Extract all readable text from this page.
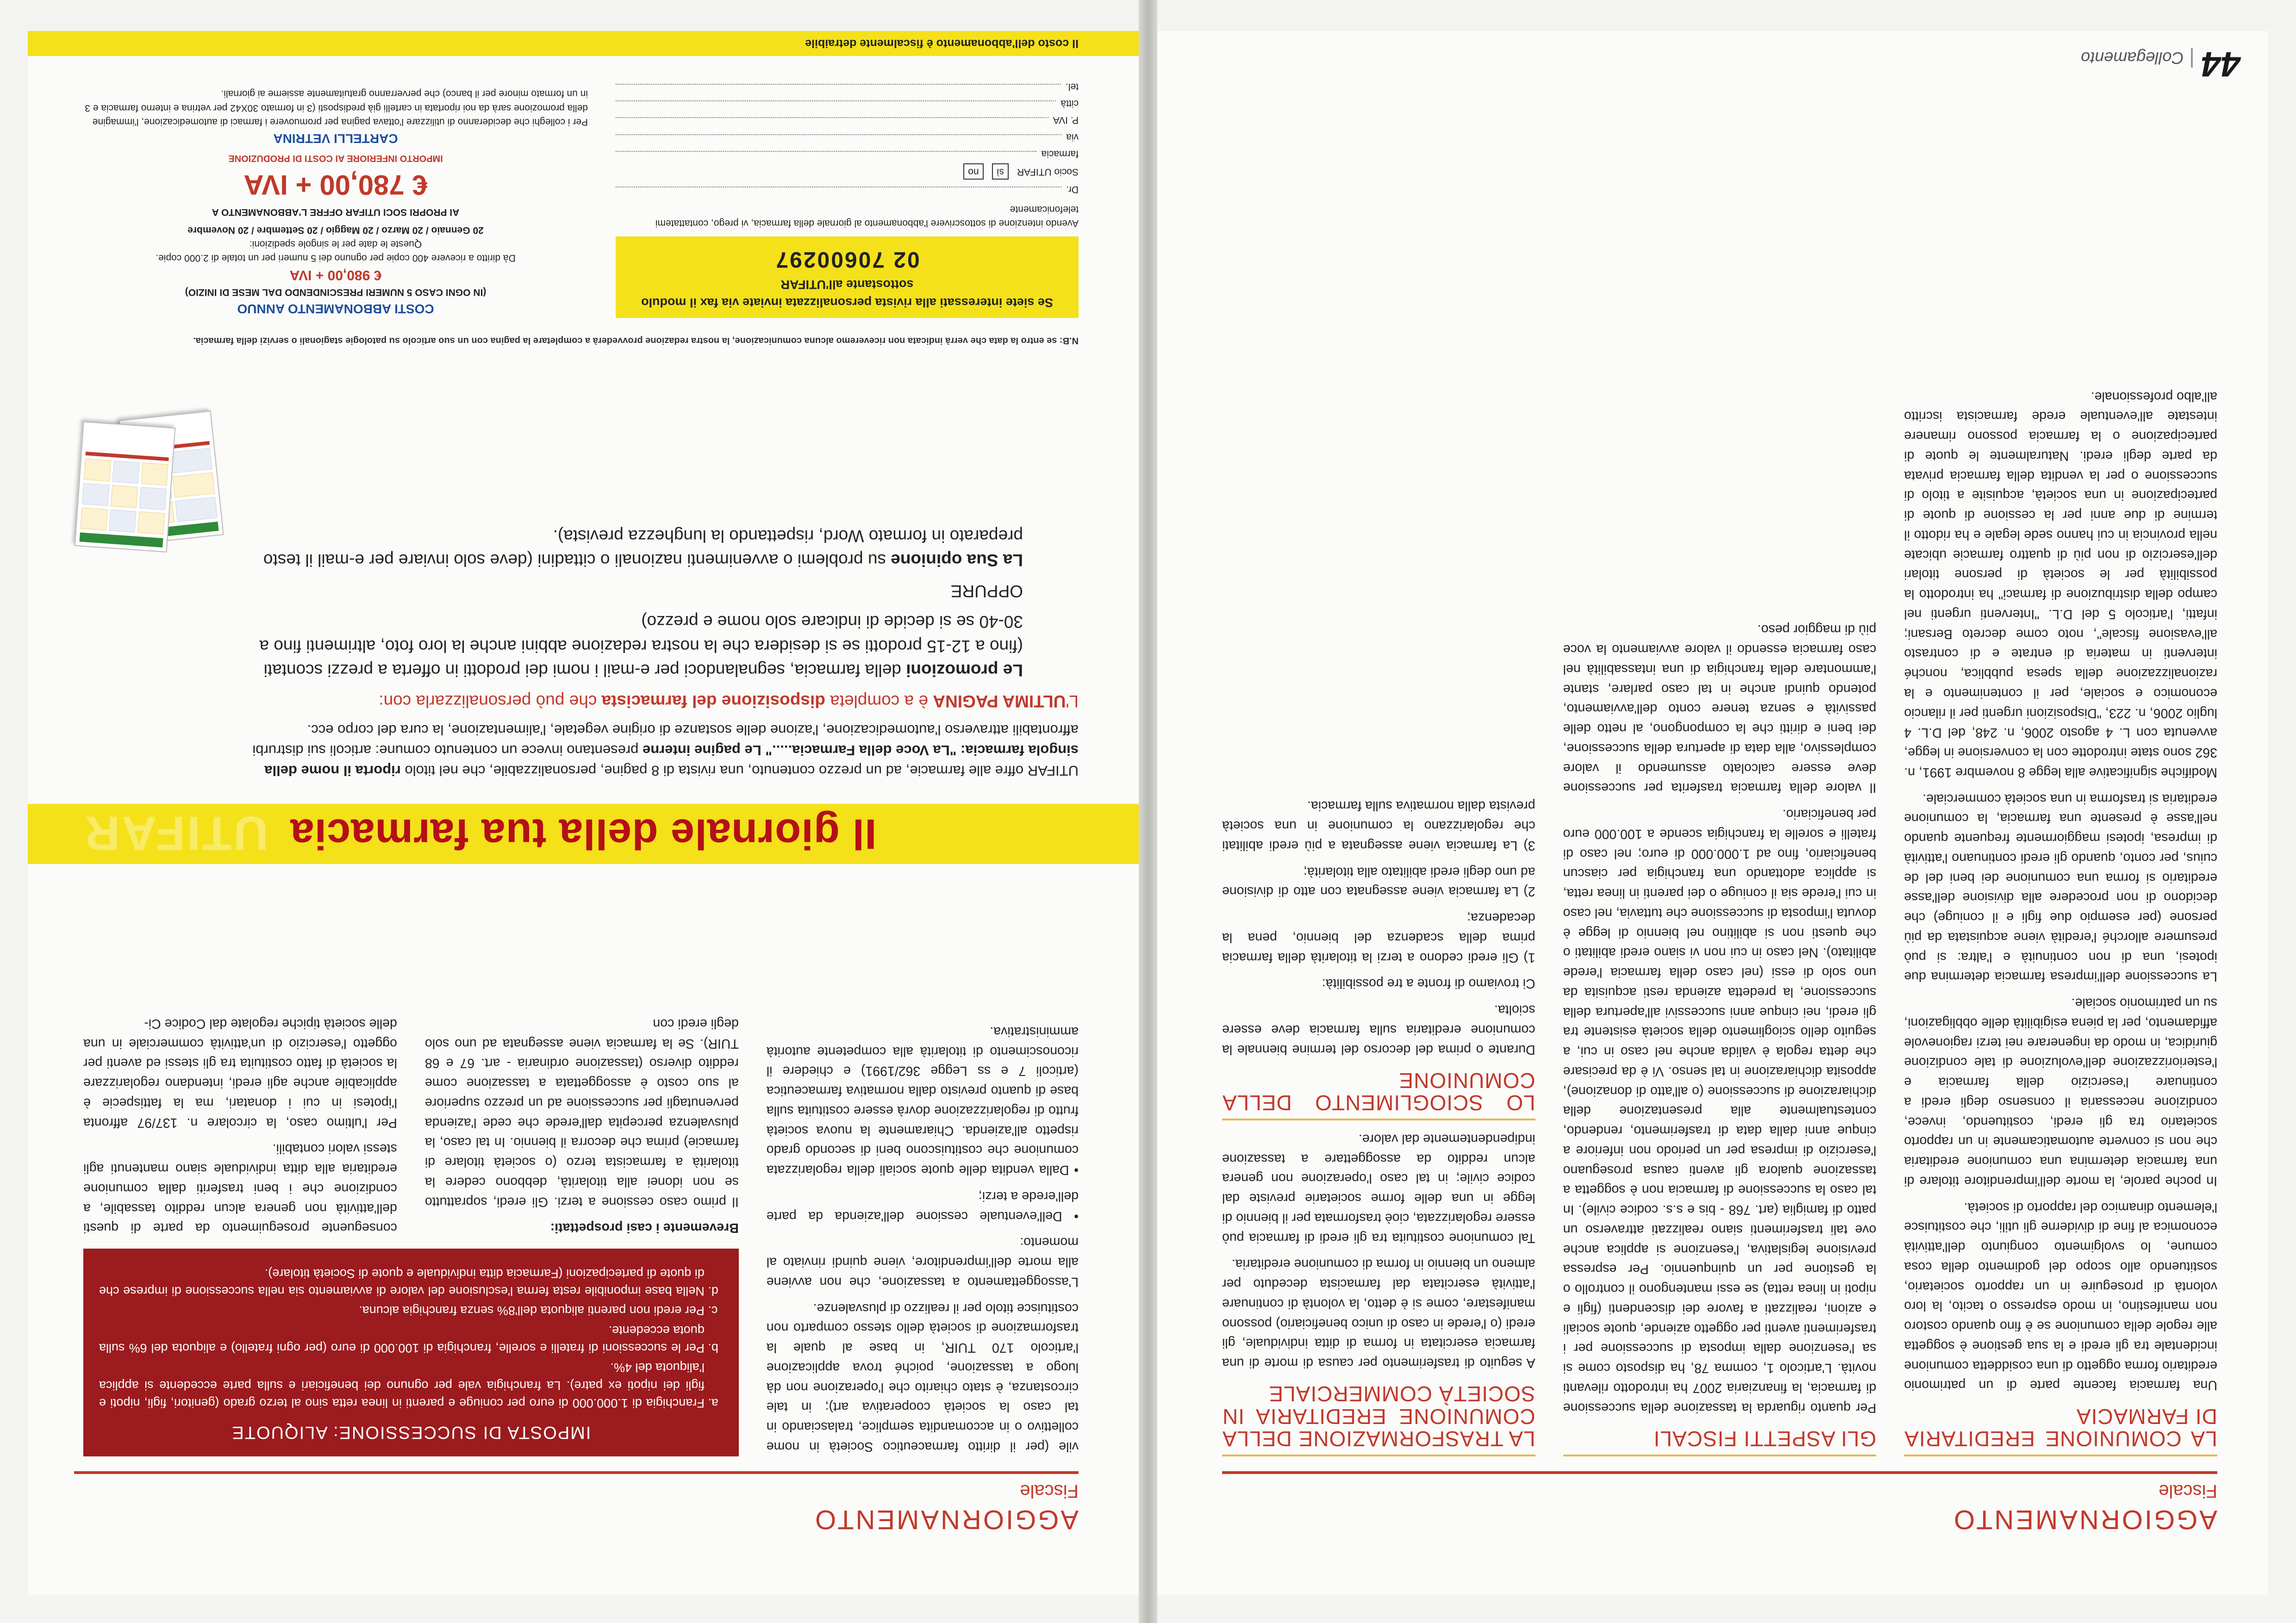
AGGIORNAMENTO
Fiscale
LA COMUNIONE EREDITARIA DI FARMACIA

Una farmacia facente parte di un patrimonio ereditario forma oggetto di una cosiddetta comunione incidentale tra gli eredi e la sua gestione è soggetta alle regole della comunione se è fino quando costoro non manifestino, in modo espresso o tacito, la loro volontà di proseguire in un rapporto societario, sostituendo allo scopo del godimento della cosa comune, lo svolgimento congiunto dell'attività economica al fine di dividerne gli utili, che costituisce l'elemento dinamico del rapporto di società.

In poche parole, la morte dell'imprenditore titolare di una farmacia determina una comunione ereditaria che non si converte automaticamente in un rapporto societario tra gli eredi, costituendo, invece, condizione necessaria il consenso degli eredi a continuare l'esercizio della farmacia e l'esteriorizzazione dell'evoluzione di tale condizione giuridica, in modo da ingenerare nei terzi ragionevole affidamento, per la piena esigibilità delle obbligazioni, su un patrimonio sociale.

La successione dell'impresa farmacia determina due ipotesi, una di non continuità e l'altra: si può presumere allorché l'eredità viene acquistata da più persone (per esempio due figli e il coniuge) che decidono di non procedere alla divisione dell'asse ereditario si forma una comunione dei beni del de cuius, per conto, quando gli eredi continuano l'attività di impresa, ipotesi maggiormente frequente quando nell'asse è presente una farmacia, la comunione ereditaria si trasforma in una società commerciale.

Modifiche significative alla legge 8 novembre 1991, n. 362 sono state introdotte con la conversione in legge, avvenuta con L. 4 agosto 2006, n. 248, del D.L. 4 luglio 2006, n. 223, "Disposizioni urgenti per il rilancio economico e sociale, per il contenimento e la razionalizzazione della spesa pubblica, nonché interventi in materia di entrate e di contrasto all'evasione fiscale", noto come decreto Bersani; infatti, l'articolo 5 del D.L. "Interventi urgenti nel campo della distribuzione di farmaci" ha introdotto la possibilità per le società di persone titolari dell'esercizio di non più di quattro farmacie ubicate nella provincia in cui hanno sede legale e ha ridotto il termine di due anni per la cessione di quote di partecipazione in una società, acquisite a titolo di successione o per la vendita della farmacia privata da parte degli eredi. Naturalmente le quote di partecipazione o la farmacia possono rimanere intestate all'eventuale erede farmacista iscritto all'albo professionale.

GLI ASPETTI FISCALI

Per quanto riguarda la tassazione della successione di farmacia, la finanziaria 2007 ha introdotto rilevanti novità. L'articolo 1, comma 78, ha disposto come si sa l'esenzione dalla imposta di successione per i trasferimenti aventi per oggetto aziende, quote sociali e azioni, realizzati a favore dei discendenti (figli e nipoti in linea retta) se essi mantengono il controllo o la gestione per un quinquennio. Per espressa previsione legislativa, l'esenzione si applica anche ove tali trasferimenti siano realizzati attraverso un patto di famiglia (art. 768 - bis e s.s. codice civile). In tal caso la successione di farmacia non è soggetta a tassazione qualora gli aventi causa proseguano l'esercizio di impresa per un periodo non inferiore a cinque anni dalla data di trasferimento, rendendo, contestualmente alla presentazione della dichiarazione di successione (o all'atto di donazione), apposita dichiarazione in tal senso. Vi è da precisare che detta regola è valida anche nel caso in cui, a seguito dello scioglimento della società esistente tra gli eredi, nei cinque anni successivi all'apertura della successione, la predetta azienda resti acquisita da uno solo di essi (nel caso della farmacia l'erede abilitato). Nel caso in cui non vi siano eredi abilitati o che questi non si abilitino nel biennio di legge è dovuta l'imposta di successione che tuttavia, nel caso in cui l'erede sia il coniuge o dei parenti in linea retta, si applica adottando una franchigia per ciascun beneficiario, fino ad 1.000.000 di euro; nel caso di fratelli e sorelle la franchigia scende a 100.000 euro per beneficiario.

Il valore della farmacia trasferita per successione deve essere calcolato assumendo il valore complessivo, alla data di apertura della successione, dei beni e diritti che la compongono, al netto delle passività e senza tenere conto dell'avviamento, potendo quindi anche in tal caso parlare, stante l'ammontare della franchigia di una intassabilità nel caso farmacia essendo il valore avviamento la voce più di maggior peso.

LA TRASFORMAZIONE DELLA COMUNIONE EREDITARIA IN SOCIETÀ COMMERCIALE

A seguito di trasferimento per causa di morte di una farmacia esercitata in forma di ditta individuale, gli eredi (o l'erede in caso di unico beneficiario) possono manifestare, come si è detto, la volontà di continuare l'attività esercitata dal farmacista deceduto per almeno un biennio in forma di comunione ereditaria.

Tal comunione costituita tra gli eredi di farmacia può essere regolarizzata, cioè trasformata per il biennio di legge in una delle forme societarie previste dal codice civile; in tal caso l'operazione non genera alcun reddito da assoggettare a tassazione indipendentemente dal valore.

LO SCIOGLIMENTO DELLA COMUNIONE

Durante o prima del decorso del termine biennale la comunione ereditaria sulla farmacia deve essere sciolta.

Ci troviamo di fronte a tre possibilità:

1) Gli eredi cedono a terzi la titolarità della farmacia prima della scadenza del biennio, pena la decadenza;

2) La farmacia viene assegnata con atto di divisione ad uno degli eredi abilitato alla titolarità;

3) La farmacia viene assegnata a più eredi abilitati che regolarizzano la comunione in una società prevista dalla normativa sulla farmacia.

44
Collegamento
AGGIORNAMENTO
Fiscale

vile (per il diritto farmaceutico Società in nome collettivo o in accomandita semplice, tralasciando in tal caso la società cooperativa art); in tale circostanza, è stato chiarito che l'operazione non dà luogo a tassazione, poiché trova applicazione l'articolo 170 TUIR, in base al quale la trasformazione di società dello stesso comparto non costituisce titolo per il realizzo di plusvalenze.

L'assoggettamento a tassazione, che non avviene alla morte dell'imprenditore, viene quindi rinviato al momento:

• Dell'eventuale cessione dell'azienda da parte dell'erede a terzi;

• Dalla vendita delle quote sociali della regolarizzata comunione che costituiscono beni di secondo grado rispetto all'azienda. Chiaramente la nuova società frutto di regolarizzazione dovrà essere costituita sulla base di quanto previsto dalla normativa farmaceutica (articoli 7 e ss Legge 362/1991) e chiedere il riconoscimento di titolarità alla competente autorità amministrativa.

IMPOSTA DI SUCCESSIONE: ALIQUOTE
a. Franchigia di 1.000.000 di euro per coniuge e parenti in linea retta sino al terzo grado (genitori, figli, nipoti e figli dei nipoti ex patre). La franchigia vale per ognuno dei beneficiari e sulla parte eccedente si applica l'aliquota del 4%.
b. Per le successioni di fratelli e sorelle, franchigia di 100.000 di euro (per ogni fratello) e aliquota del 6% sulla quota eccedente.
c. Per eredi non parenti aliquota dell'8% senza franchigia alcuna.
d. Nella base imponibile resta ferma l'esclusione del valore di avviamento sia nella successione di imprese che di quote di partecipazioni (Farmacia ditta individuale e quote di Società titolare).

Brevemente i casi prospettati:

Il primo caso cessione a terzi. Gli eredi, soprattutto se non idonei alla titolarità, debbono cedere la titolarità a farmacista terzo (o società titolare di farmacie) prima che decorra il biennio. In tal caso, la plusvalenza percepita dall'erede che cede l'azienda pervenutagli per successione ad un prezzo superiore al suo costo è assoggettata a tassazione come reddito diverso (tassazione ordinaria - art. 67 e 68 TUIR). Se la farmacia viene assegnata ad uno solo degli eredi con

conseguente proseguimento da parte di questi dell'attività non genera alcun reddito tassabile, a condizione che i beni trasferiti dalla comunione ereditaria alla ditta individuale siano mantenuti agli stessi valori contabili.

Per l'ultimo caso, la circolare n. 137/97 affronta l'ipotesi in cui i donatari, ma la fattispecie è applicabile anche agli eredi, intendano regolarizzare la società di fatto costituita tra gli stessi ed aventi per oggetto l'esercizio di un'attività commerciale in una delle società tipiche regolate dal Codice Ci-

UTIFAR Il giornale della tua farmacia

UTIFAR offre alle farmacie, ad un prezzo contenuto, una rivista di 8 pagine, personalizzabile, che nel titolo riporta il nome della singola farmacia: "La Voce della Farmacia....." Le pagine interne presentano invece un contenuto comune: articoli sui distrurbi affrontabili attraverso l'automedicazione, l'azione delle sostanze di origine vegetale, l'alimentazione, la cura del corpo ecc.

L'ULTIMA PAGINA è a completa disposizione del farmacista che può personalizzarla con:

Le promozioni della farmacia, segnalandoci per e-mail i nomi dei prodotti in offerta a prezzi scontati (fino a 12-15 prodotti se si desidera che la nostra redazione abbini anche la loro foto, altrimenti fino a 30-40 se si decide di indicare solo nome e prezzo)

OPPURE

La Sua opinione su problemi o avvenimenti nazionali o cittadini (deve solo inviare per e-mail il testo preparato in formato Word, rispettando la lunghezza prevista).

N.B: se entro la data che verrà indicata non riceveremo alcuna comunicazione, la nostra redazione provvederà a completare la pagina con un suo articolo su patologie stagionali o servizi della farmacia.
Se siete interessati alla rivista personalizzata inviate via fax il modulo sottostante all'UTIFAR
02 70600297

Avendo intenzione di sottoscrivere l'abbonamento al giornale della farmacia, vi prego, contattatemi telefonicamente

Dr.
Socio UTIFAR
sì
no
farmacia
via
P. IVA
città
tel.
COSTI ABBONAMENTO ANNUO
(IN OGNI CASO 5 NUMERI PRESCINDENDO DAL MESE DI INIZIO)
€ 980,00 + IVA
Dà diritto a ricevere 400 copie per ognuno dei 5 numeri per un totale di 2.000 copie.
Queste le date per le singole spedizioni:
20 Gennaio / 20 Marzo / 20 Maggio / 20 Settembre / 20 Novembre
AI PROPRI SOCI UTIFAR OFFRE L'ABBONAMENTO A
€ 780,00 + IVA
IMPORTO INFERIORE AI COSTI DI PRODUZIONE
CARTELLI VETRINA
Per i colleghi che decideranno di utilizzare l'ottava pagina per promuovere i farmaci di automedicazione, l'immagine della promozione sarà da noi riportata in cartelli già predisposti (3 in formato 30X42 per vetrina e interno farmacia e 3 in un formato minore per il banco) che perverranno gratuitamente assieme ai giornali.
Il costo dell'abbonamento è fiscalmente detraibile
